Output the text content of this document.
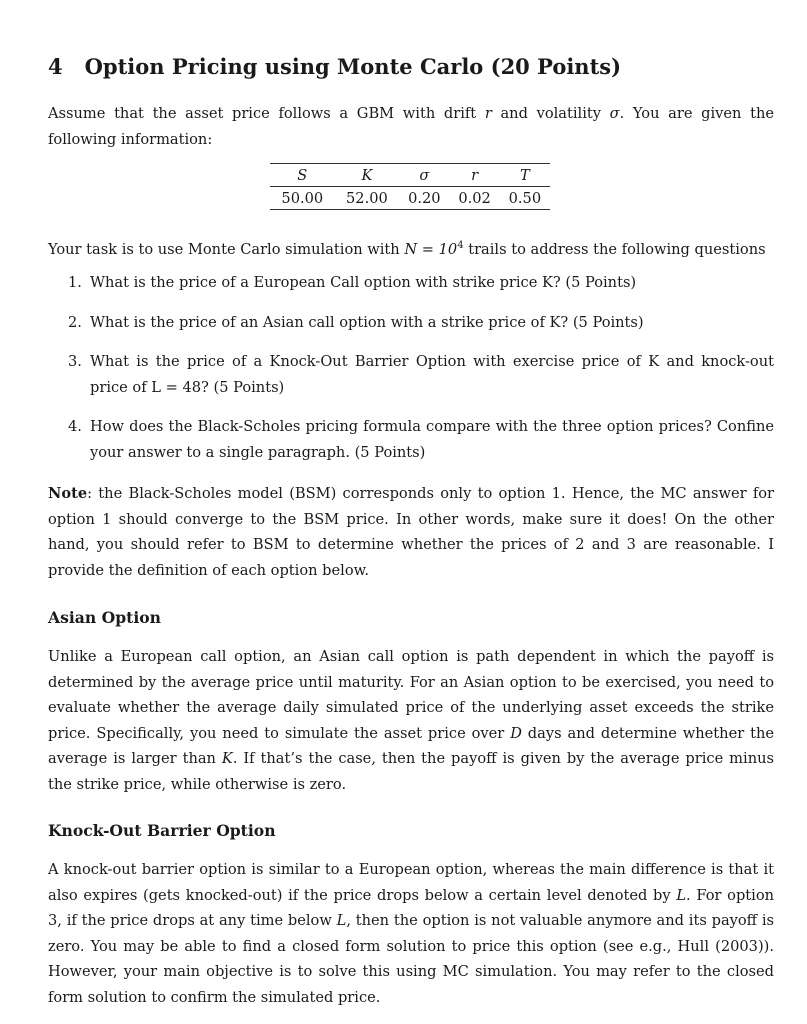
4 Option Pricing using Monte Carlo (20 Points)

Assume that the asset price follows a GBM with drift r and volatility σ. You are given the following information:

S	K	σ	r	T
50.00	52.00	0.20	0.02	0.50

Your task is to use Monte Carlo simulation with $N = 10^4$ trails to address the following questions

1. What is the price of a European Call option with strike price K? (5 Points)
2. What is the price of an Asian call option with a strike price of K? (5 Points)
3. What is the price of a Knock-Out Barrier Option with exercise price of K and knock-out price of L = 48? (5 Points)
4. How does the Black-Scholes pricing formula compare with the three option prices? Confine your answer to a single paragraph. (5 Points)

Note: the Black-Scholes model (BSM) corresponds only to option 1. Hence, the MC answer for option 1 should converge to the BSM price. In other words, make sure it does! On the other hand, you should refer to BSM to determine whether the prices of 2 and 3 are reasonable. I provide the definition of each option below.

Asian Option

Unlike a European call option, an Asian call option is path dependent in which the payoff is determined by the average price until maturity. For an Asian option to be exercised, you need to evaluate whether the average daily simulated price of the underlying asset exceeds the strike price. Specifically, you need to simulate the asset price over D days and determine whether the average is larger than K. If that’s the case, then the payoff is given by the average price minus the strike price, while otherwise is zero.

Knock-Out Barrier Option

A knock-out barrier option is similar to a European option, whereas the main difference is that it also expires (gets knocked-out) if the price drops below a certain level denoted by L. For option 3, if the price drops at any time below L, then the option is not valuable anymore and its payoff is zero. You may be able to find a closed form solution to price this option (see e.g., Hull (2003)). However, your main objective is to solve this using MC simulation. You may refer to the closed form solution to confirm the simulated price.
